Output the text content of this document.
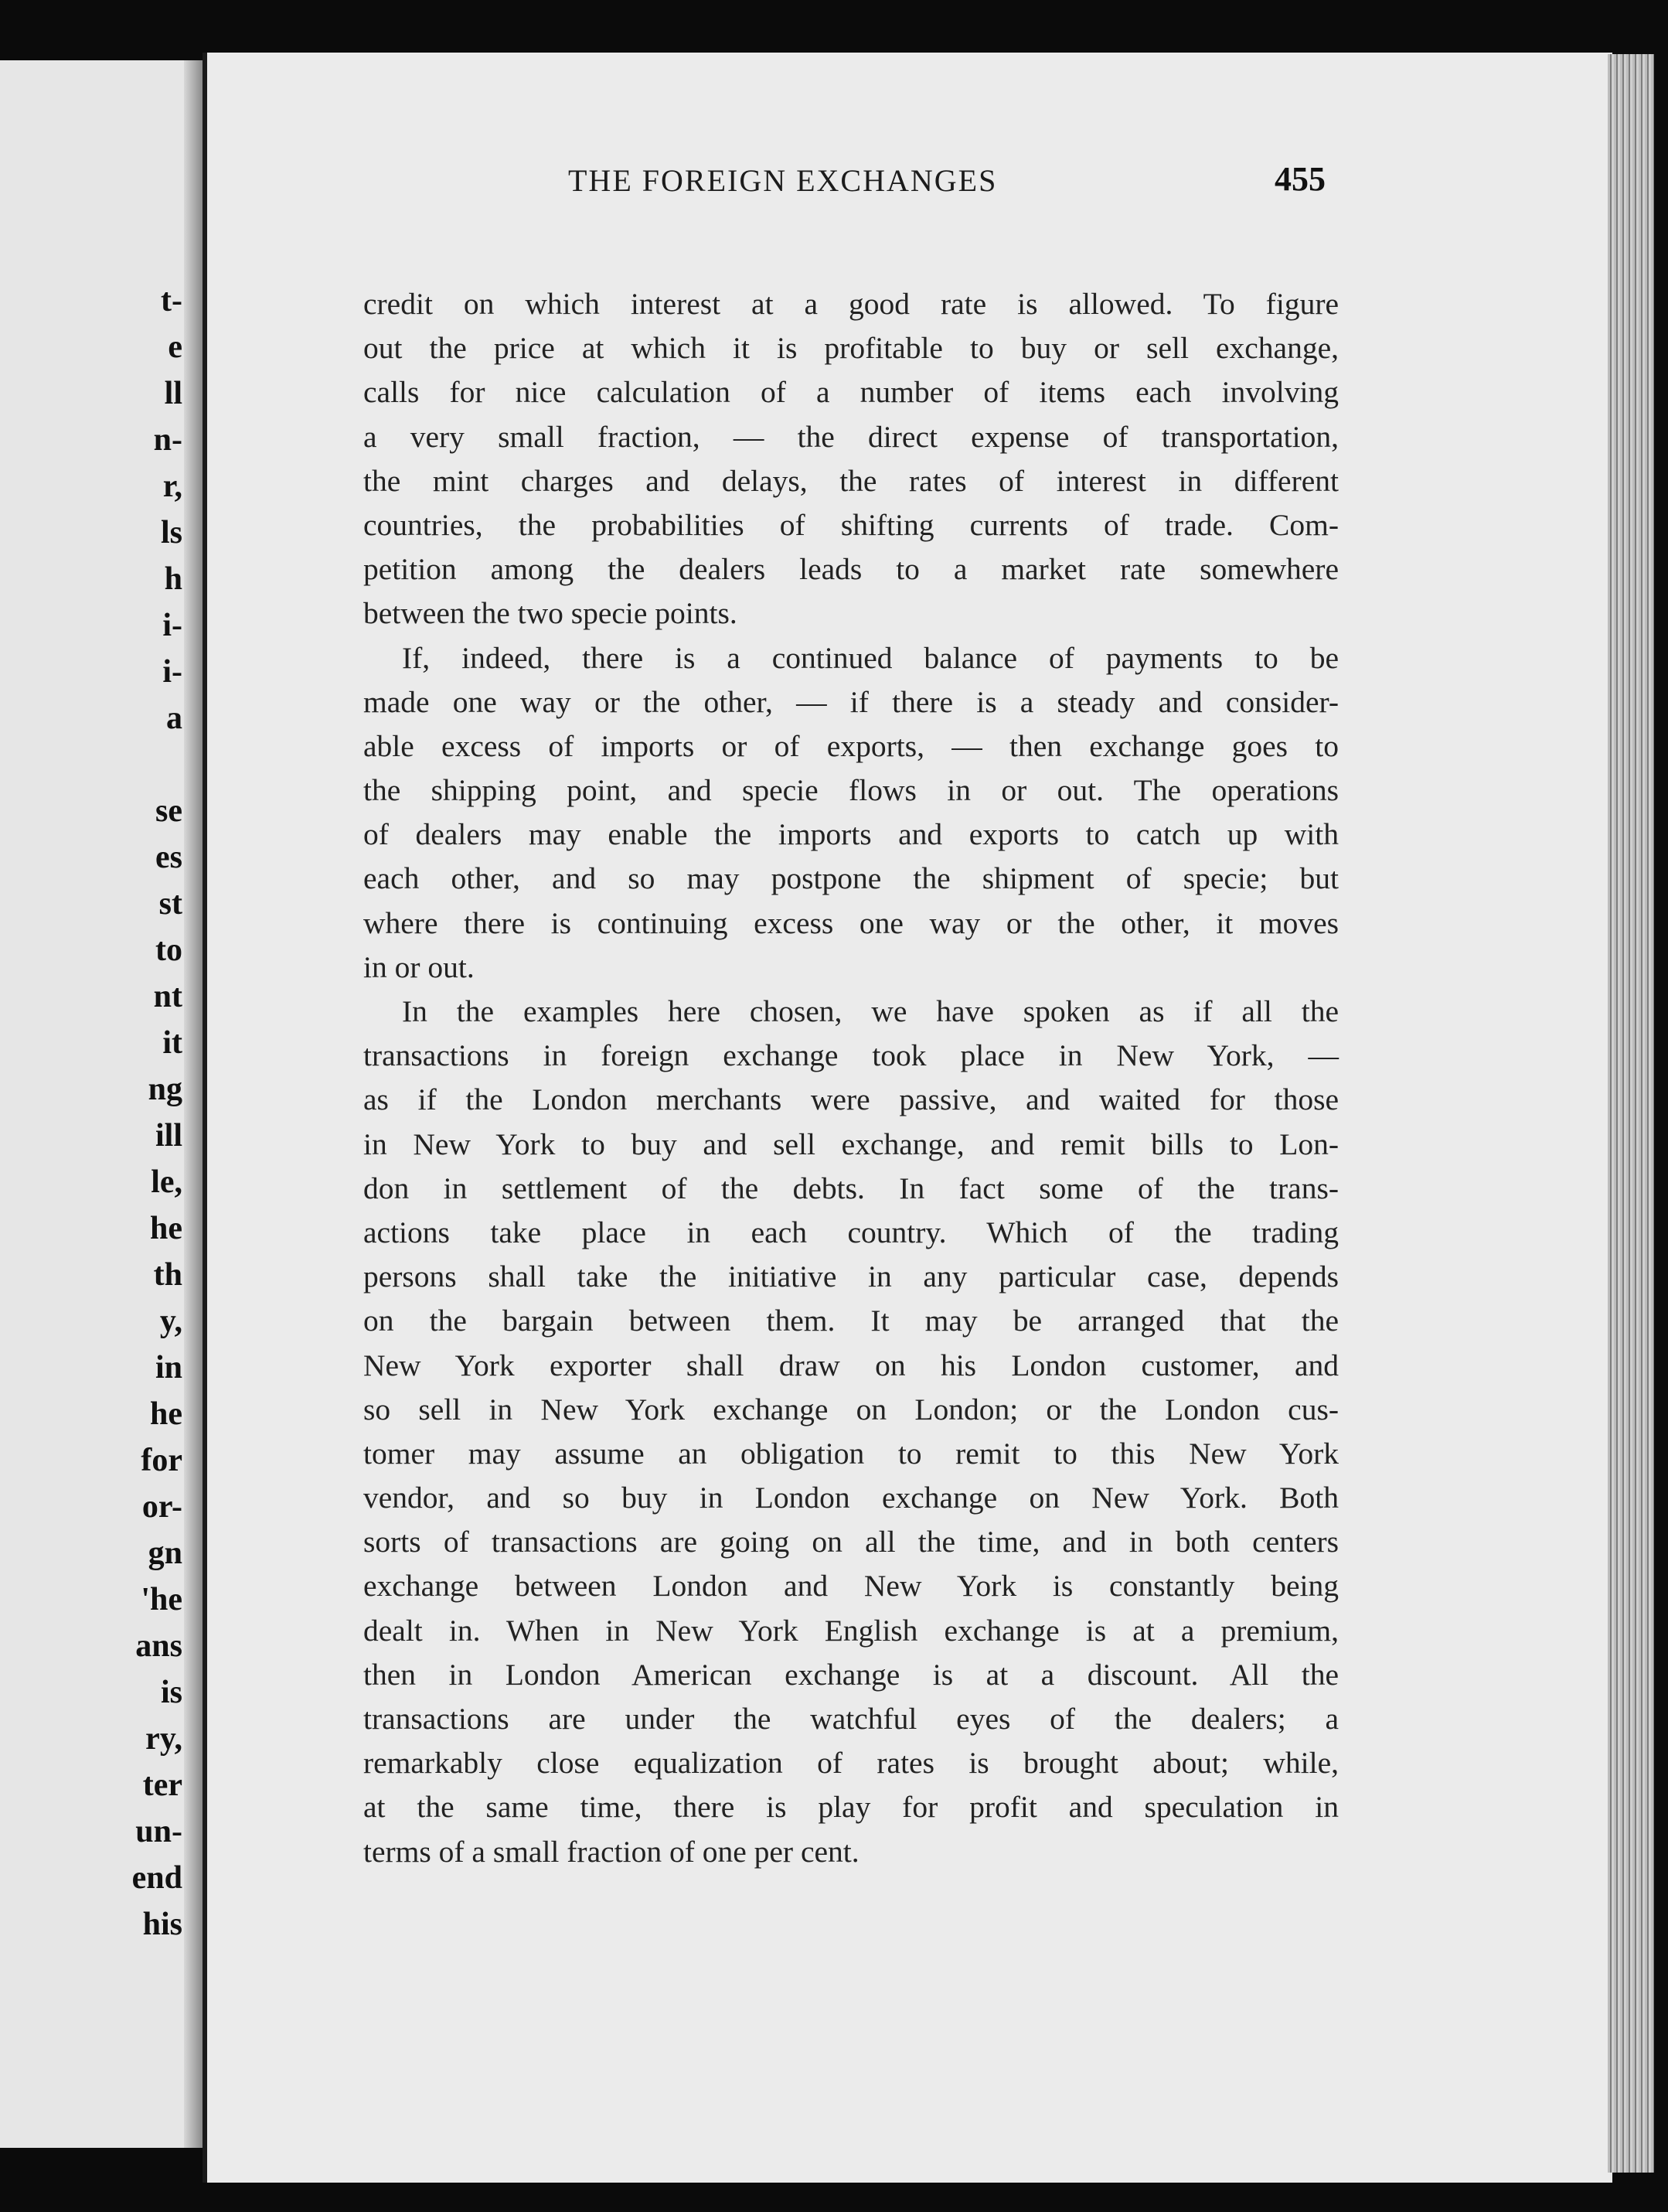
t-
e
ll
n-
r,
ls
h
i-
i-
a
se
es
st
to
nt
it
ng
ill
le,
he
th
y,
in
he
for
or-
gn
'he
ans
is
ry,
ter
un-
end
his
THE FOREIGN EXCHANGES	455
credit on which interest at a good rate is allowed. To figure
out the price at which it is profitable to buy or sell exchange,
calls for nice calculation of a number of items each involving
a very small fraction, — the direct expense of transportation,
the mint charges and delays, the rates of interest in different
countries, the probabilities of shifting currents of trade. Com-
petition among the dealers leads to a market rate somewhere
between the two specie points.
If, indeed, there is a continued balance of payments to be
made one way or the other, — if there is a steady and consider-
able excess of imports or of exports, — then exchange goes to
the shipping point, and specie flows in or out. The operations
of dealers may enable the imports and exports to catch up with
each other, and so may postpone the shipment of specie; but
where there is continuing excess one way or the other, it moves
in or out.
In the examples here chosen, we have spoken as if all the
transactions in foreign exchange took place in New York, —
as if the London merchants were passive, and waited for those
in New York to buy and sell exchange, and remit bills to Lon-
don in settlement of the debts. In fact some of the trans-
actions take place in each country. Which of the trading
persons shall take the initiative in any particular case, depends
on the bargain between them. It may be arranged that the
New York exporter shall draw on his London customer, and
so sell in New York exchange on London; or the London cus-
tomer may assume an obligation to remit to this New York
vendor, and so buy in London exchange on New York. Both
sorts of transactions are going on all the time, and in both centers
exchange between London and New York is constantly being
dealt in. When in New York English exchange is at a premium,
then in London American exchange is at a discount. All the
transactions are under the watchful eyes of the dealers; a
remarkably close equalization of rates is brought about; while,
at the same time, there is play for profit and speculation in
terms of a small fraction of one per cent.
